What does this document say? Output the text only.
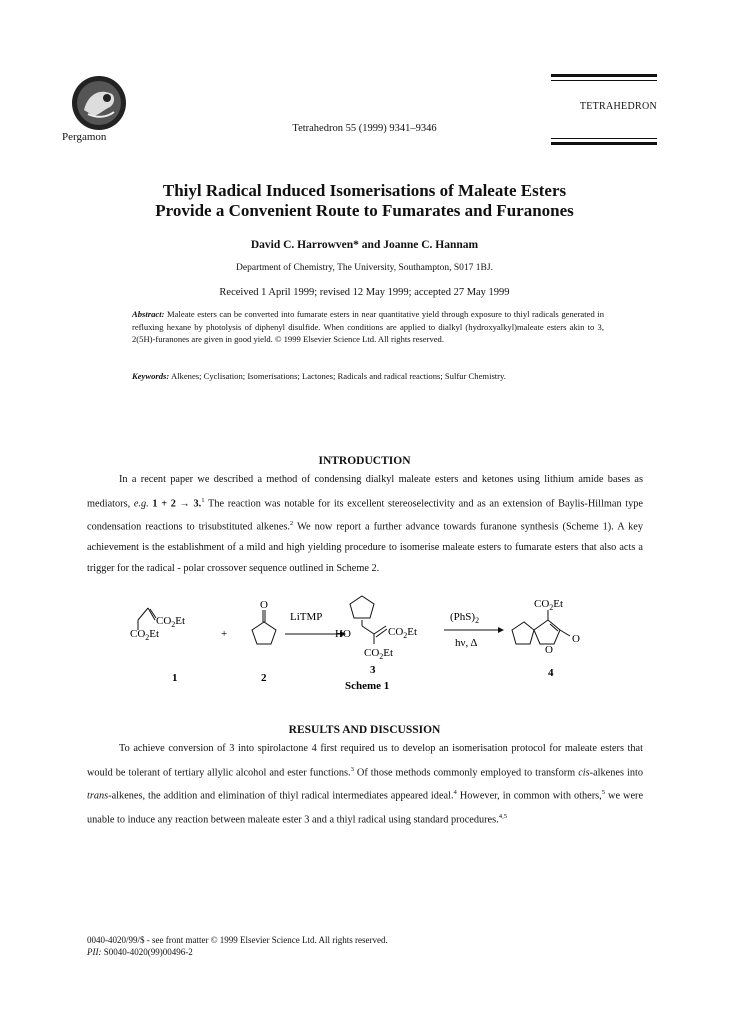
Pergamon
Tetrahedron 55 (1999) 9341–9346
TETRAHEDRON
Thiyl Radical Induced Isomerisations of Maleate Esters
Provide a Convenient Route to Fumarates and Furanones
David C. Harrowven* and Joanne C. Hannam
Department of Chemistry, The University, Southampton, S017 1BJ.
Received 1 April 1999; revised 12 May 1999; accepted 27 May 1999
Abstract: Maleate esters can be converted into fumarate esters in near quantitative yield through exposure to thiyl radicals generated in refluxing hexane by photolysis of diphenyl disulfide. When conditions are applied to dialkyl (hydroxyalkyl)maleate esters akin to 3, 2(5H)-furanones are given in good yield. © 1999 Elsevier Science Ltd. All rights reserved.
Keywords: Alkenes; Cyclisation; Isomerisations; Lactones; Radicals and radical reactions; Sulfur Chemistry.
INTRODUCTION
In a recent paper we described a method of condensing dialkyl maleate esters and ketones using lithium amide bases as mediators, e.g. 1 + 2 → 3.$^1$ The reaction was notable for its excellent stereoselectivity and as an extension of Baylis-Hillman type condensation reactions to trisubstituted alkenes.$^2$ We now report a further advance towards furanone synthesis (Scheme 1). A key achievement is the establishment of a mild and high yielding procedure to isomerise maleate esters to fumarate esters that also acts a trigger for the radical - polar crossover sequence outlined in Scheme 2.
$CO_2Et$
$CO_2Et$
1
+
O
2
LiTMP
HO	$CO_2Et$
$CO_2Et$
3
Scheme 1
$(PhS)_2$
hν, Δ
$CO_2Et$
O
O
4
RESULTS AND DISCUSSION
To achieve conversion of 3 into spirolactone 4 first required us to develop an isomerisation protocol for maleate esters that would be tolerant of tertiary allylic alcohol and ester functions.$^3$ Of those methods commonly employed to transform cis-alkenes into trans-alkenes, the addition and elimination of thiyl radical intermediates appeared ideal.$^4$ However, in common with others,$^5$ we were unable to induce any reaction between maleate ester 3 and a thiyl radical using standard procedures.$^{4,5}$
0040-4020/99/$ - see front matter © 1999 Elsevier Science Ltd. All rights reserved.
PII: S0040-4020(99)00496-2
